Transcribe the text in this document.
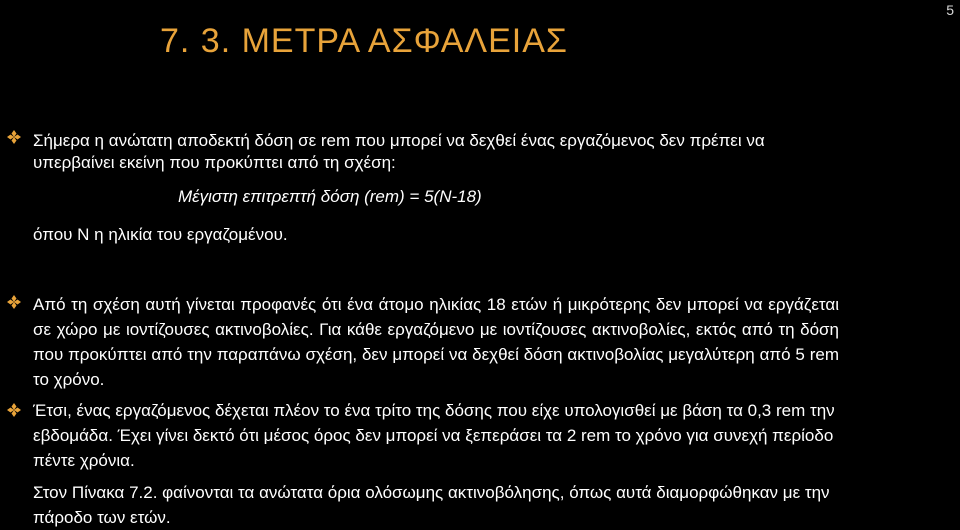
5
7. 3. ΜΕΤΡΑ ΑΣΦΑΛΕΙΑΣ

Σήμερα η ανώτατη αποδεκτή δόση σε rem που μπορεί να δεχθεί ένας εργαζόμενος δεν πρέπει να υπερβαίνει εκείνη που προκύπτει από τη σχέση:

Μέγιστη επιτρεπτή δόση (rem) = 5(N-18)

όπου Ν η ηλικία του εργαζομένου.

Από τη σχέση αυτή γίνεται προφανές ότι ένα άτομο ηλικίας 18 ετών ή μικρότερης δεν μπορεί να εργάζεται σε χώρο με ιοντίζουσες ακτινοβολίες. Για κάθε εργαζόμενο με ιοντίζουσες ακτινοβολίες, εκτός από τη δόση που προκύπτει από την παραπάνω σχέση, δεν μπορεί να δεχθεί δόση ακτινοβολίας μεγαλύτερη από 5 rem το χρόνο.

Έτσι, ένας εργαζόμενος δέχεται πλέον το ένα τρίτο της δόσης που είχε υπολογισθεί με βάση τα 0,3 rem την εβδομάδα. Έχει γίνει δεκτό ότι μέσος όρος δεν μπορεί να ξεπεράσει τα 2 rem το χρόνο για συνεχή περίοδο πέντε χρόνια.

Στον Πίνακα 7.2. φαίνονται τα ανώτατα όρια ολόσωμης ακτινοβόλησης, όπως αυτά διαμορφώθηκαν με την πάροδο των ετών.
